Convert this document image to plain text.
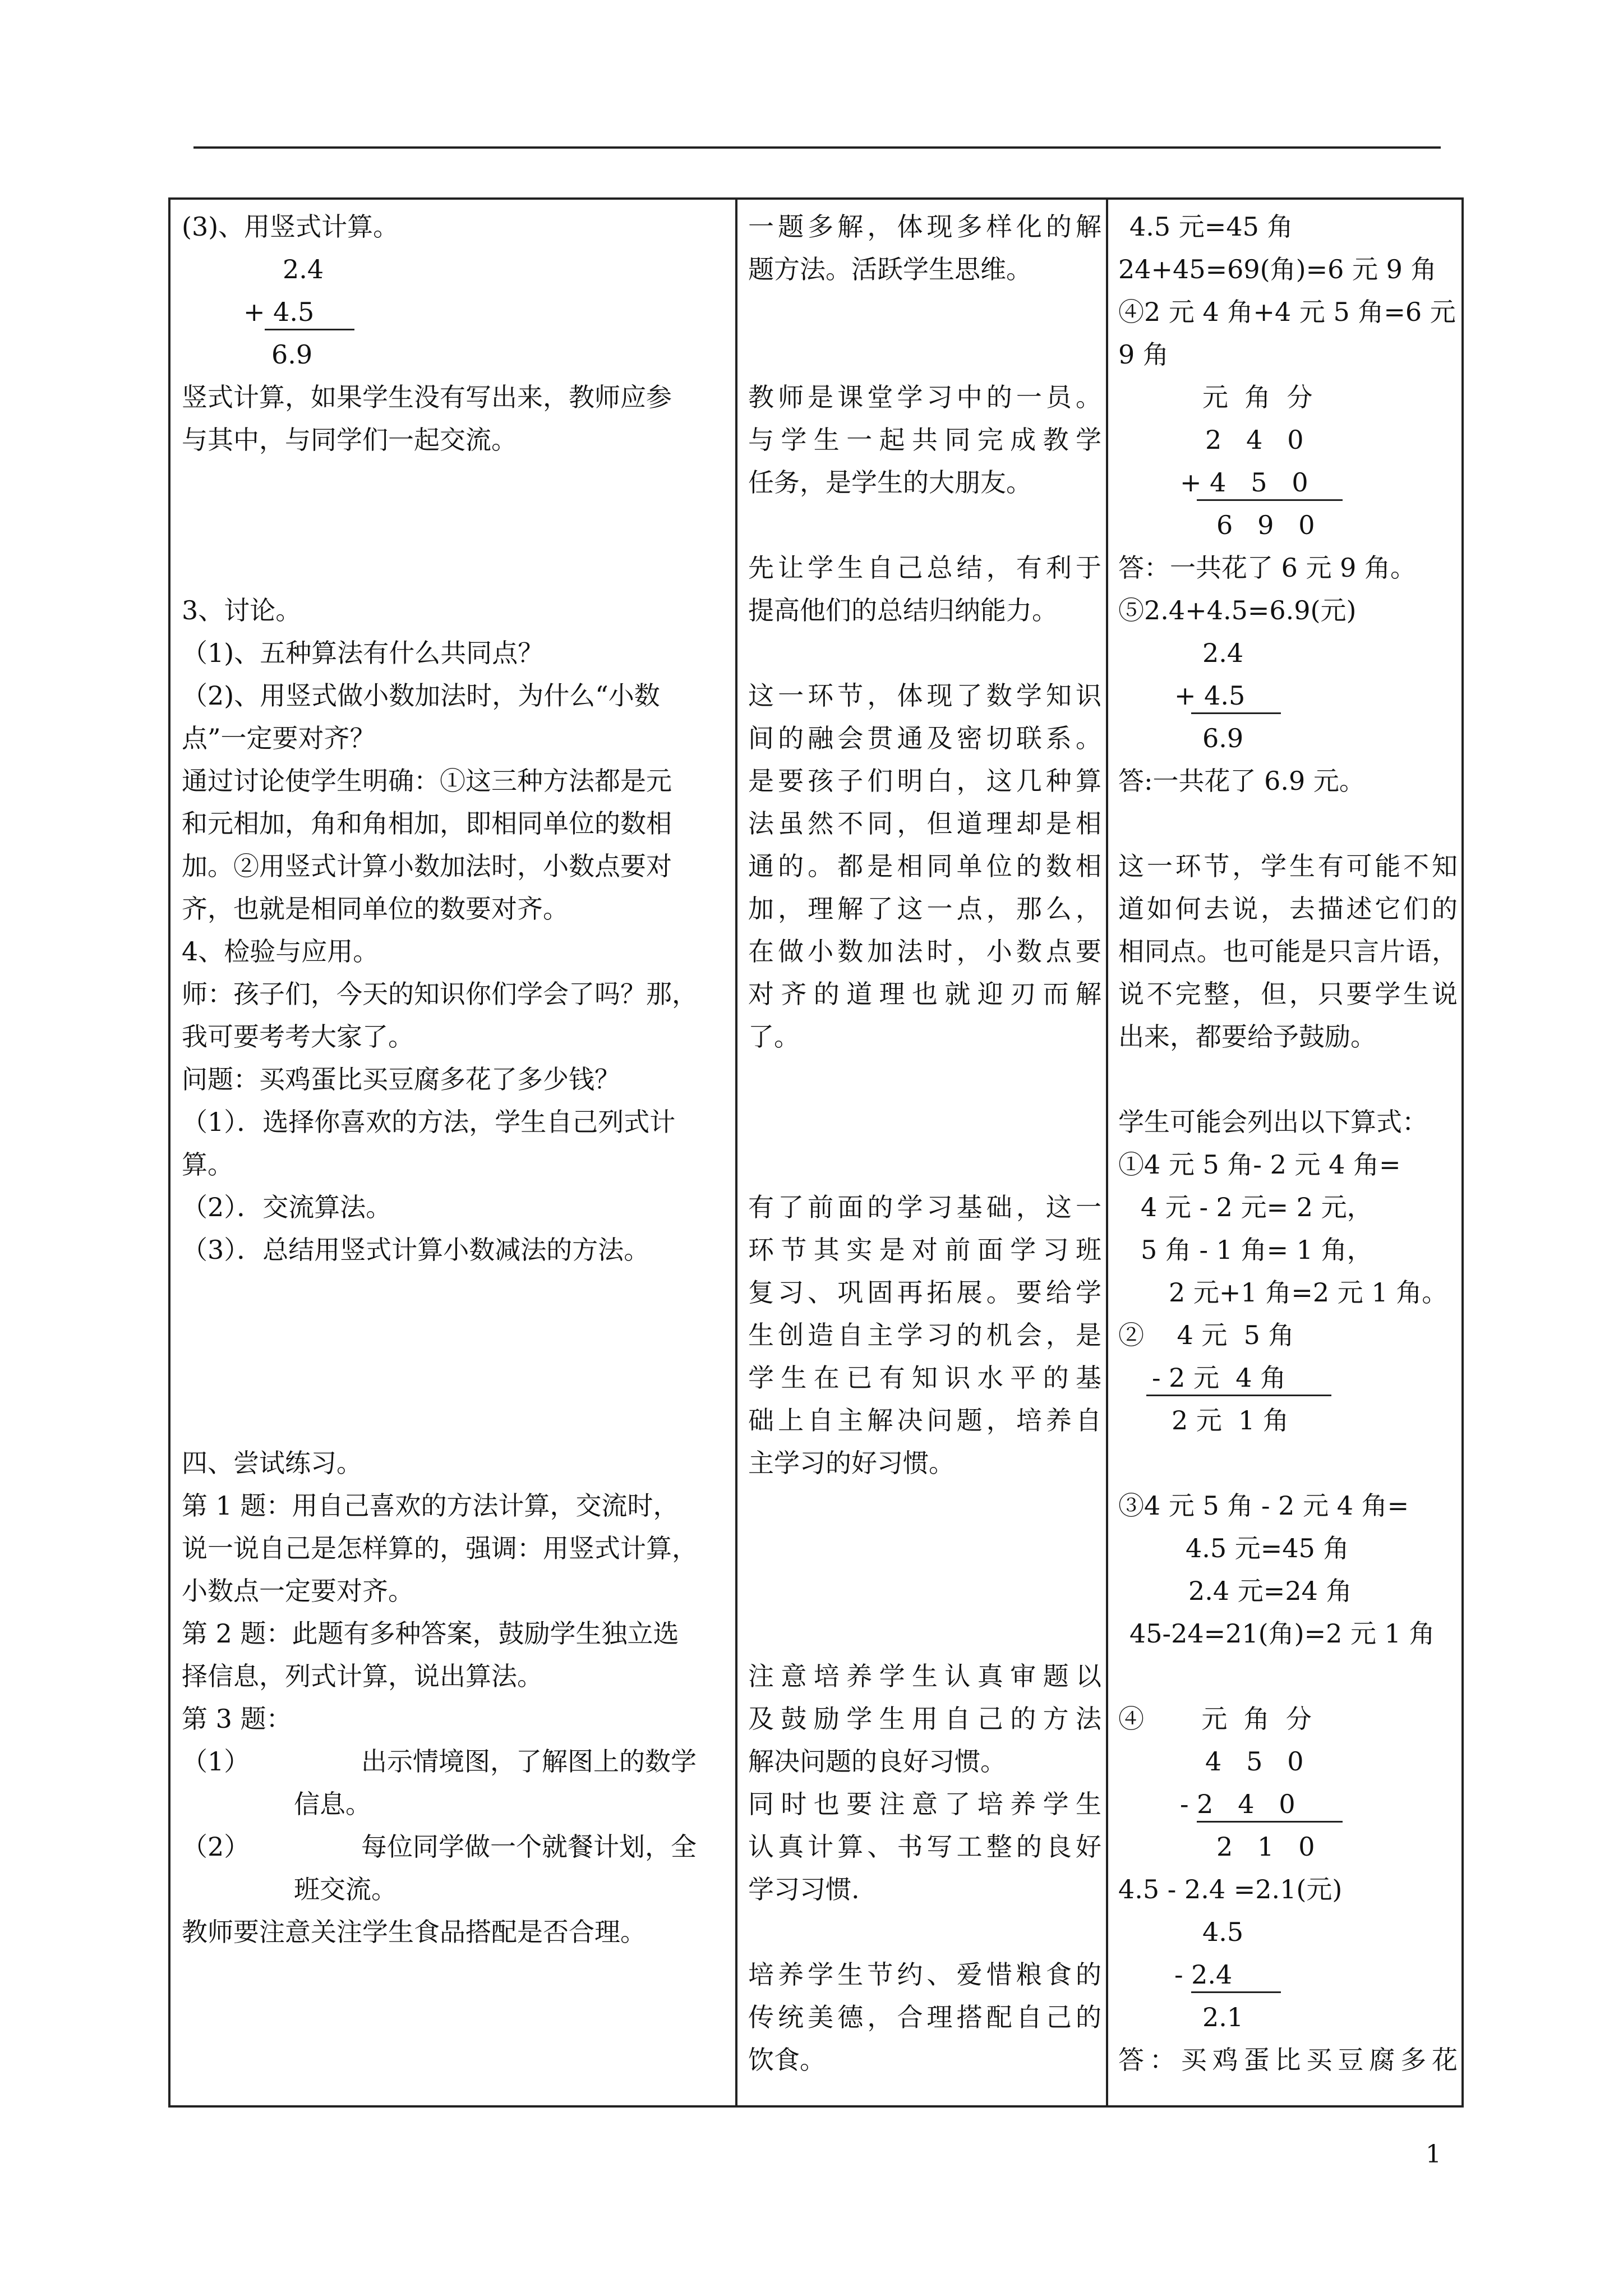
(3)、用竖式计算。
2.4
+ 4.5
6.9
竖式计算，如果学生没有写出来，教师应参
与其中，与同学们一起交流。
3、讨论。
（1)、五种算法有什么共同点？
（2)、用竖式做小数加法时，为什么“小数
点”一定要对齐？
通过讨论使学生明确：①这三种方法都是元
和元相加，角和角相加，即相同单位的数相
加。②用竖式计算小数加法时，小数点要对
齐，也就是相同单位的数要对齐。
4、检验与应用。
师：孩子们，今天的知识你们学会了吗？那，
我可要考考大家了。
问题：买鸡蛋比买豆腐多花了多少钱？
（1）．选择你喜欢的方法，学生自己列式计
算。
（2）．交流算法。
（3）．总结用竖式计算小数减法的方法。
四、尝试练习。
第 1 题：用自己喜欢的方法计算，交流时，
说一说自己是怎样算的，强调：用竖式计算，
小数点一定要对齐。
第 2 题：此题有多种答案，鼓励学生独立选
择信息，列式计算，说出算法。
第 3 题：
（1）	出示情境图，了解图上的数学
信息。
（2）	每位同学做一个就餐计划，全
班交流。
教师要注意关注学生食品搭配是否合理。
一题多解，体现多样化的解
题方法。活跃学生思维。
教师是课堂学习中的一员。
与学生一起共同完成教学
任务，是学生的大朋友。
先让学生自己总结，有利于
提高他们的总结归纳能力。
这一环节，体现了数学知识
间的融会贯通及密切联系。
是要孩子们明白，这几种算
法虽然不同，但道理却是相
通的。都是相同单位的数相
加，理解了这一点，那么，
在做小数加法时，小数点要
对齐的道理也就迎刃而解
了。
有了前面的学习基础，这一
环节其实是对前面学习班
复习、巩固再拓展。要给学
生创造自主学习的机会，是
学生在已有知识水平的基
础上自主解决问题，培养自
主学习的好习惯。
注意培养学生认真审题以
及鼓励学生用自己的方法
解决问题的良好习惯。
同时也要注意了培养学生
认真计算、书写工整的良好
学习习惯.
培养学生节约、爱惜粮食的
传统美德，合理搭配自己的
饮食。
4.5 元=45 角
24+45=69(角)=6 元 9 角
④2 元 4 角+4 元 5 角=6 元
9 角
元  角  分
2   4   0
+ 4   5   0
6   9   0
答：一共花了 6 元 9 角。
⑤2.4+4.5=6.9(元)
2.4
+ 4.5
6.9
答:一共花了 6.9 元。
这一环节，学生有可能不知
道如何去说，去描述它们的
相同点。也可能是只言片语，
说不完整，但，只要学生说
出来，都要给予鼓励。
学生可能会列出以下算式：
①4 元 5 角- 2 元 4 角=
4 元 - 2 元= 2 元，
5 角 - 1 角= 1 角，
2 元+1 角=2 元 1 角。
②    4 元  5 角
- 2 元  4 角
2 元  1 角
③4 元 5 角 - 2 元 4 角=
4.5 元=45 角
2.4 元=24 角
45-24=21(角)=2 元 1 角
④       元  角  分
4   5   0
- 2   4   0
2   1   0
4.5 - 2.4 =2.1(元)
4.5
- 2.4
2.1
答：买鸡蛋比买豆腐多花
1
